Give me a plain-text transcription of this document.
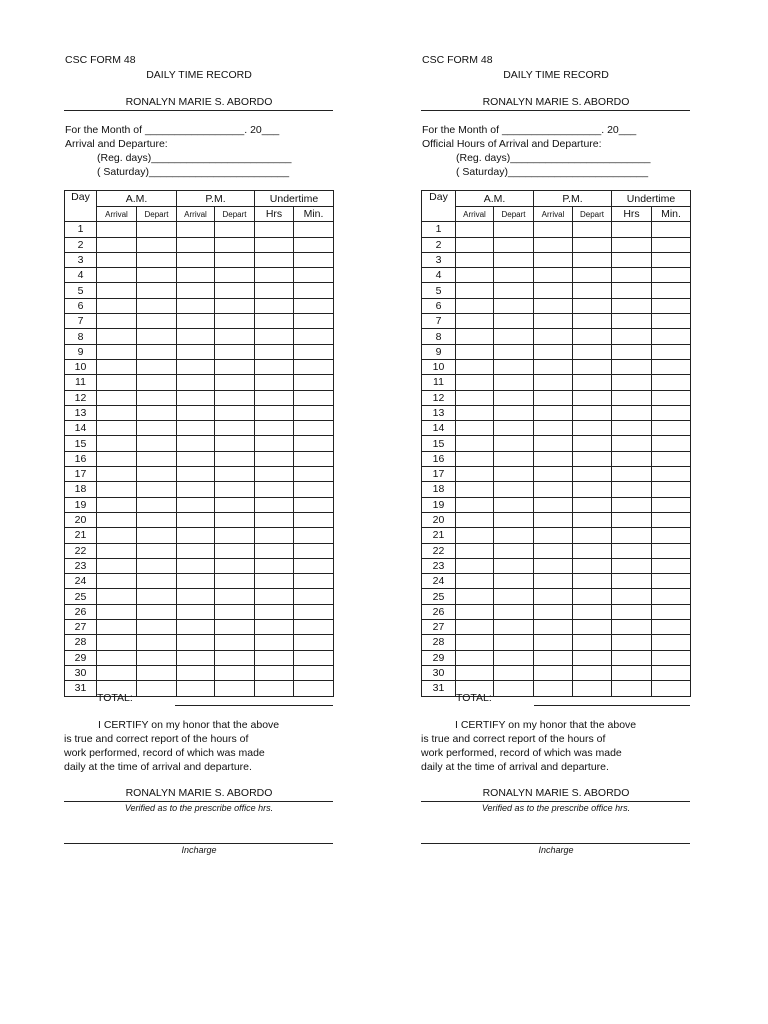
CSC FORM 48
DAILY TIME RECORD
RONALYN MARIE S. ABORDO
For the Month of _________________. 20___
Arrival and Departure:
(Reg. days)________________________
( Saturday)________________________
Day	A.M.		P.M.		Undertime	
	Arrival	Depart	Arrival	Depart	Hrs	Min.
1						
2						
3						
4						
5						
6						
7						
8						
9						
10						
11						
12						
13						
14						
15						
16						
17						
18						
19						
20						
21						
22						
23						
24						
25						
26						
27						
28						
29						
30						
31						
TOTAL:
I CERTIFY on my honor that the above
is true and correct report of the hours of
work performed, record of which was made
daily at the time of arrival and departure.
RONALYN MARIE S. ABORDO
Verified as to the prescribe office hrs.
Incharge
CSC FORM 48
DAILY TIME RECORD
RONALYN MARIE S. ABORDO
For the Month of _________________. 20___
Official Hours of Arrival and Departure:
(Reg. days)________________________
( Saturday)________________________
Day	A.M.		P.M.		Undertime	
	Arrival	Depart	Arrival	Depart	Hrs	Min.
1						
2						
3						
4						
5						
6						
7						
8						
9						
10						
11						
12						
13						
14						
15						
16						
17						
18						
19						
20						
21						
22						
23						
24						
25						
26						
27						
28						
29						
30						
31						
TOTAL:
I CERTIFY on my honor that the above
is true and correct report of the hours of
work performed, record of which was made
daily at the time of arrival and departure.
RONALYN MARIE S. ABORDO
Verified as to the prescribe office hrs.
Incharge
